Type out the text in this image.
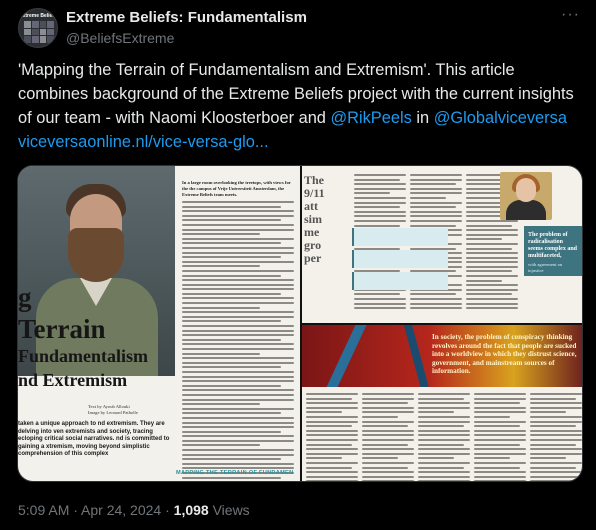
Extreme Beliefs Extreme Beliefs: Fundamentalism
@BeliefsExtreme
···
'Mapping the Terrain of Fundamentalism and Extremism'. This article combines background of the Extreme Beliefs project with the current insights of our team - with Naomi Kloosterboer and @RikPeels in @Globalviceversa viceversaonline.nl/vice-versa-glo...
In a large room overlooking the treetops, with views for the the campus of Vrije Universiteit Amsterdam, the Extreme Beliefs team meets.
g
Terrain
Fundamentalism
nd Extremism
Text by Ayoub Allouki
Image by Leonard Patholle
taken a unique approach to nd extremism. They are delving into ven extremists and society, tracing ecloping critical social narratives. nd is committed to gaining a xtremism, moving beyond simplistic comprehension of this complex
MAPPING THE TERRAIN OF FUNDAMEN
The
9/11
att
sim
me
gro
per
The problem of radicalisation seems complex and multifaceted,
with agreement on injustice
In society, the problem of conspiracy thinking revolves around the fact that people are sucked into a worldview in which they distrust science, government, and mainstream sources of information.
5:09 AM · Apr 24, 2024 · 1,098 Views
